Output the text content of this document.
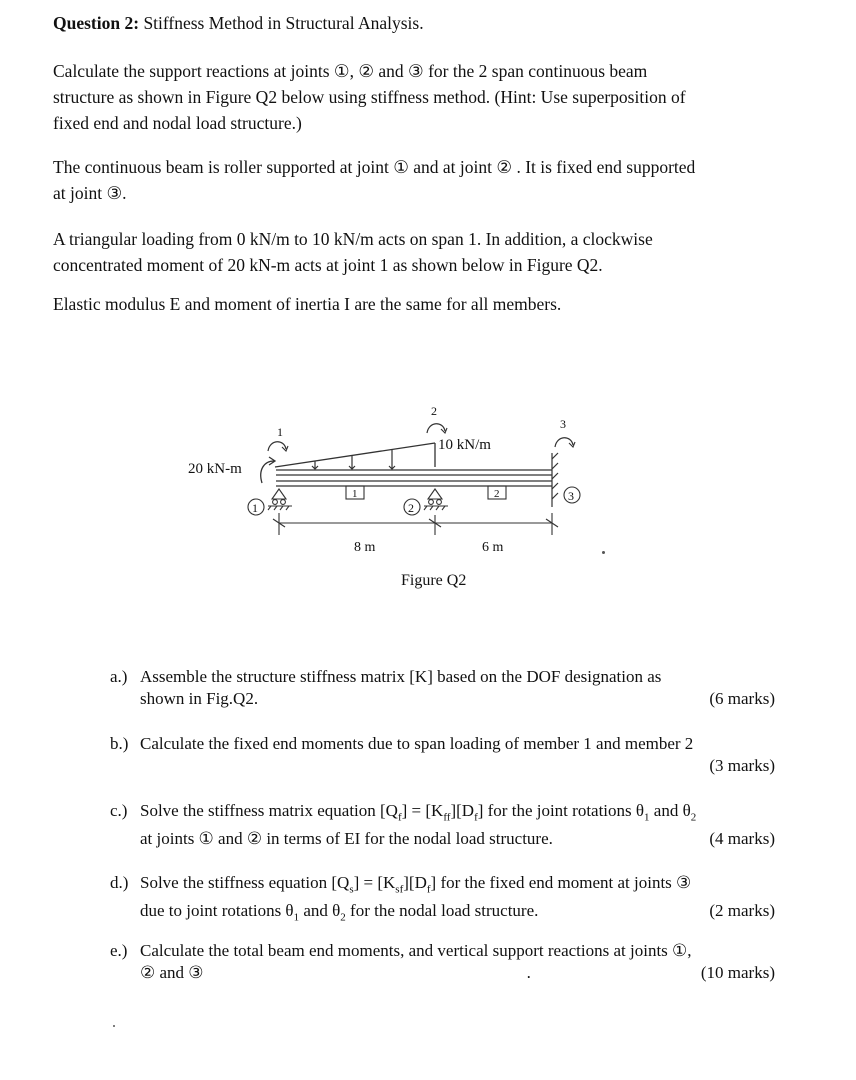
Question 2: Stiffness Method in Structural Analysis.
Calculate the support reactions at joints ①, ② and ③ for the 2 span continuous beam
structure as shown in Figure Q2 below using stiffness method. (Hint: Use superposition of
fixed end and nodal load structure.)
The continuous beam is roller supported at joint ① and at joint ② . It is fixed end supported
at joint ③.
A triangular loading from 0 kN/m to 10 kN/m acts on span 1. In addition, a clockwise
concentrated moment of 20 kN-m acts at joint 1 as shown below in Figure Q2.
Elastic modulus E and moment of inertia I are the same for all members.
10 kN/m
20 kN-m
1
2
3
1	2
3
1	2
8 m	6 m
Figure Q2
a.) Assemble the structure stiffness matrix [K] based on the DOF designation as
shown in Fig.Q2.	(6 marks)
b.) Calculate the fixed end moments due to span loading of member 1 and member 2
(3 marks)
c.) Solve the stiffness matrix equation $[Q_f] = [K_{ff}][D_f]$ for the joint rotations $\theta_1$ and $\theta_2$
at joints ① and ② in terms of EI for the nodal load structure.	(4 marks)
d.) Solve the stiffness equation $[Q_s] = [K_{sf}][D_f]$ for the fixed end moment at joints ③
due to joint rotations $\theta_1$ and $\theta_2$ for the nodal load structure.	(2 marks)
e.) Calculate the total beam end moments, and vertical support reactions at joints ①,
② and ③	.	(10 marks)
